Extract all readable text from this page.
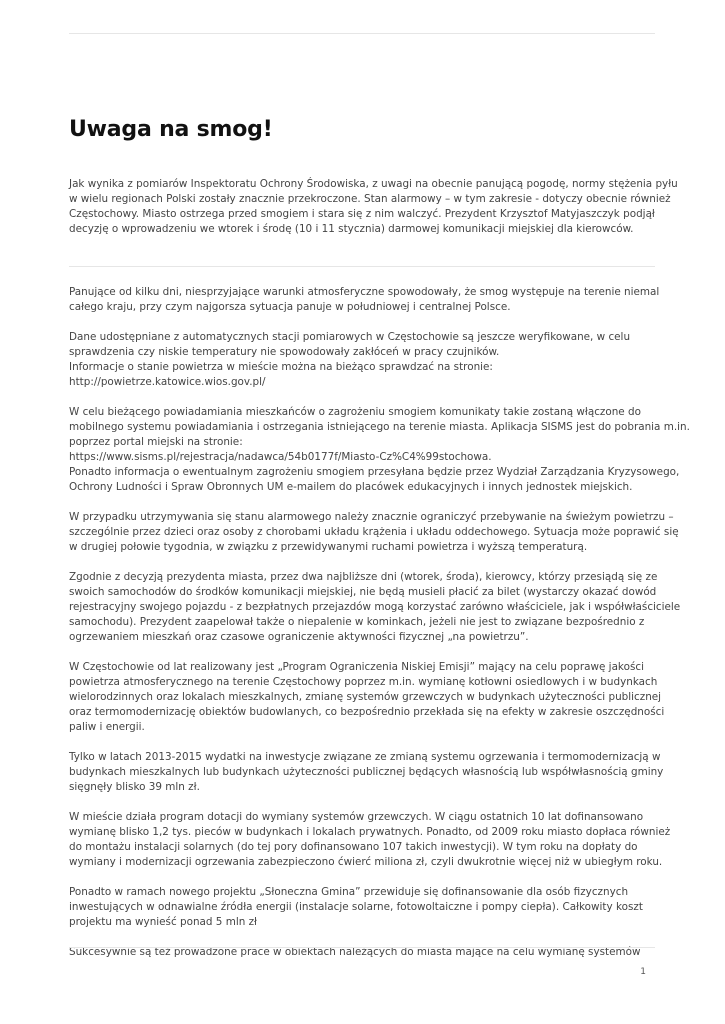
Uwaga na smog!

Jak wynika z pomiarów Inspektoratu Ochrony Środowiska, z uwagi na obecnie panującą pogodę, normy stężenia pyłu
w wielu regionach Polski zostały znacznie przekroczone. Stan alarmowy – w tym zakresie - dotyczy obecnie również
Częstochowy. Miasto ostrzega przed smogiem i stara się z nim walczyć. Prezydent Krzysztof Matyjaszczyk podjął
decyzję o wprowadzeniu we wtorek i środę (10 i 11 stycznia) darmowej komunikacji miejskiej dla kierowców.

Panujące od kilku dni, niesprzyjające warunki atmosferyczne spowodowały, że smog występuje na terenie niemal
całego kraju, przy czym najgorsza sytuacja panuje w południowej i centralnej Polsce.

Dane udostępniane z automatycznych stacji pomiarowych w Częstochowie są jeszcze weryfikowane, w celu
sprawdzenia czy niskie temperatury nie spowodowały zakłóceń w pracy czujników.
Informacje o stanie powietrza w mieście można na bieżąco sprawdzać na stronie:
http://powietrze.katowice.wios.gov.pl/

W celu bieżącego powiadamiania mieszkańców o zagrożeniu smogiem komunikaty takie zostaną włączone do
mobilnego systemu powiadamiania i ostrzegania istniejącego na terenie miasta. Aplikacja SISMS jest do pobrania m.in.
poprzez portal miejski na stronie:
https://www.sisms.pl/rejestracja/nadawca/54b0177f/Miasto-Cz%C4%99stochowa.
Ponadto informacja o ewentualnym zagrożeniu smogiem przesyłana będzie przez Wydział Zarządzania Kryzysowego,
Ochrony Ludności i Spraw Obronnych UM e-mailem do placówek edukacyjnych i innych jednostek miejskich.

W przypadku utrzymywania się stanu alarmowego należy znacznie ograniczyć przebywanie na świeżym powietrzu –
szczególnie przez dzieci oraz osoby z chorobami układu krążenia i układu oddechowego. Sytuacja może poprawić się
w drugiej połowie tygodnia, w związku z przewidywanymi ruchami powietrza i wyższą temperaturą.

Zgodnie z decyzją prezydenta miasta, przez dwa najbliższe dni (wtorek, środa), kierowcy, którzy przesiądą się ze
swoich samochodów do środków komunikacji miejskiej, nie będą musieli płacić za bilet (wystarczy okazać dowód
rejestracyjny swojego pojazdu - z bezpłatnych przejazdów mogą korzystać zarówno właściciele, jak i współwłaściciele
samochodu). Prezydent zaapelował także o niepalenie w kominkach, jeżeli nie jest to związane bezpośrednio z
ogrzewaniem mieszkań oraz czasowe ograniczenie aktywności fizycznej „na powietrzu”.

W Częstochowie od lat realizowany jest „Program Ograniczenia Niskiej Emisji” mający na celu poprawę jakości
powietrza atmosferycznego na terenie Częstochowy poprzez m.in. wymianę kotłowni osiedlowych i w budynkach
wielorodzinnych oraz lokalach mieszkalnych, zmianę systemów grzewczych w budynkach użyteczności publicznej
oraz termomodernizację obiektów budowlanych, co bezpośrednio przekłada się na efekty w zakresie oszczędności
paliw i energii.

Tylko w latach 2013-2015 wydatki na inwestycje związane ze zmianą systemu ogrzewania i termomodernizacją w
budynkach mieszkalnych lub budynkach użyteczności publicznej będących własnością lub współwłasnością gminy
sięgnęły blisko 39 mln zł.

W mieście działa program dotacji do wymiany systemów grzewczych. W ciągu ostatnich 10 lat dofinansowano
wymianę blisko 1,2 tys. pieców w budynkach i lokalach prywatnych. Ponadto, od 2009 roku miasto dopłaca również
do montażu instalacji solarnych (do tej pory dofinansowano 107 takich inwestycji). W tym roku na dopłaty do
wymiany i modernizacji ogrzewania zabezpieczono ćwierć miliona zł, czyli dwukrotnie więcej niż w ubiegłym roku.

Ponadto w ramach nowego projektu „Słoneczna Gmina” przewiduje się dofinansowanie dla osób fizycznych
inwestujących w odnawialne źródła energii (instalacje solarne, fotowoltaiczne i pompy ciepła). Całkowity koszt
projektu ma wynieść ponad 5 mln zł

Sukcesywnie są też prowadzone prace w obiektach należących do miasta mające na celu wymianę systemów

1
